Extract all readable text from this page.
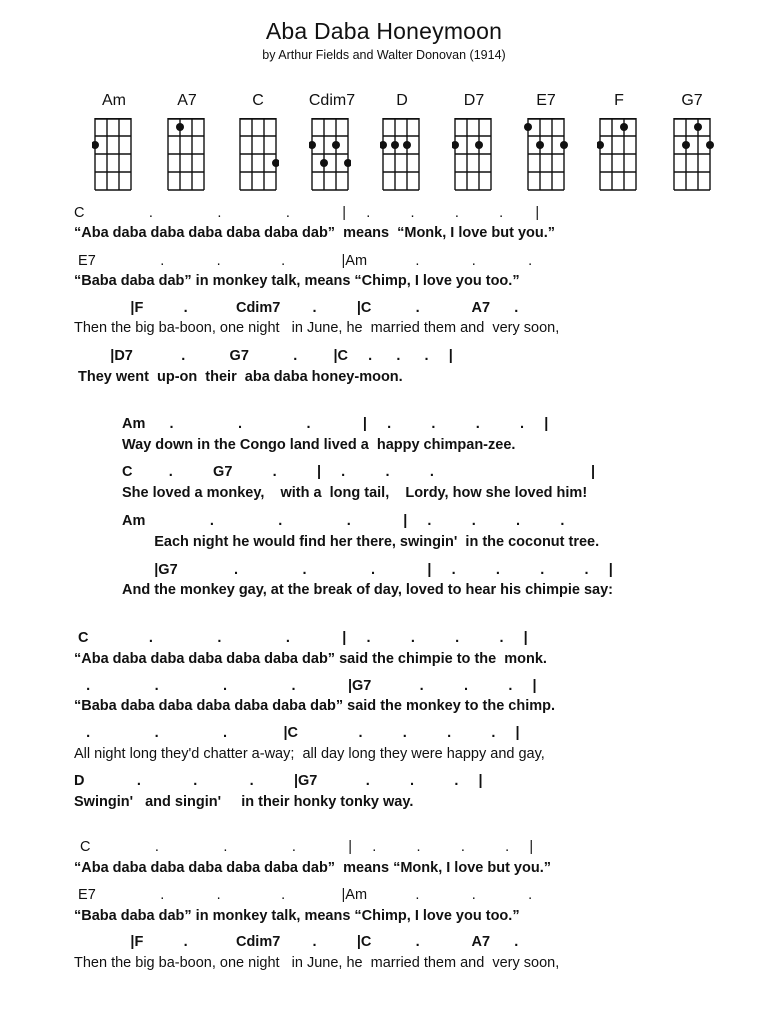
Aba Daba Honeymoon
by Arthur Fields and Walter Donovan (1914)
Am	A7	C	Cdim7	D	D7	E7	F	G7
C                .                .                .             |     .          .          .          .        |
“Aba daba daba daba daba daba dab”  means  “Monk, I love but you.”
E7                .             .               .              |Am            .             .             .
“Baba daba dab” in monkey talk, means “Chimp, I love you too.”
|F          .            Cdim7        .          |C           .             A7      .
Then the big ba-boon, one night   in June, he  married them and  very soon,
|D7            .           G7           .         |C     .      .      .     |
They went  up-on  their  aba daba honey-moon.
Am      .                .                .             |     .          .          .          .     |
Way down in the Congo land lived a  happy chimpan-zee.
C         .          G7          .          |     .          .          .                                       |
She loved a monkey,    with a  long tail,    Lordy, how she loved him!
Am                .                .                .             |     .          .          .          .
Each night he would find her there, swingin'  in the coconut tree.
|G7              .                .                .             |     .          .          .          .     |
And the monkey gay, at the break of day, loved to hear his chimpie say:
C               .                .                .             |     .          .          .          .     |
“Aba daba daba daba daba daba dab” said the chimpie to the  monk.
.                .                .                .             |G7            .          .          .     |
“Baba daba daba daba daba daba dab” said the monkey to the chimp.
.                .                .              |C               .          .          .          .     |
All night long they'd chatter a-way;  all day long they were happy and gay,
D             .             .             .          |G7            .          .          .     |
Swingin'   and singin'     in their honky tonky way.
C                .                .                .             |     .          .          .          .     |
“Aba daba daba daba daba daba dab”  means “Monk, I love but you.”
E7                .             .               .              |Am            .             .             .
“Baba daba dab” in monkey talk, means “Chimp, I love you too.”
|F          .            Cdim7        .          |C           .             A7      .
Then the big ba-boon, one night   in June, he  married them and  very soon,
